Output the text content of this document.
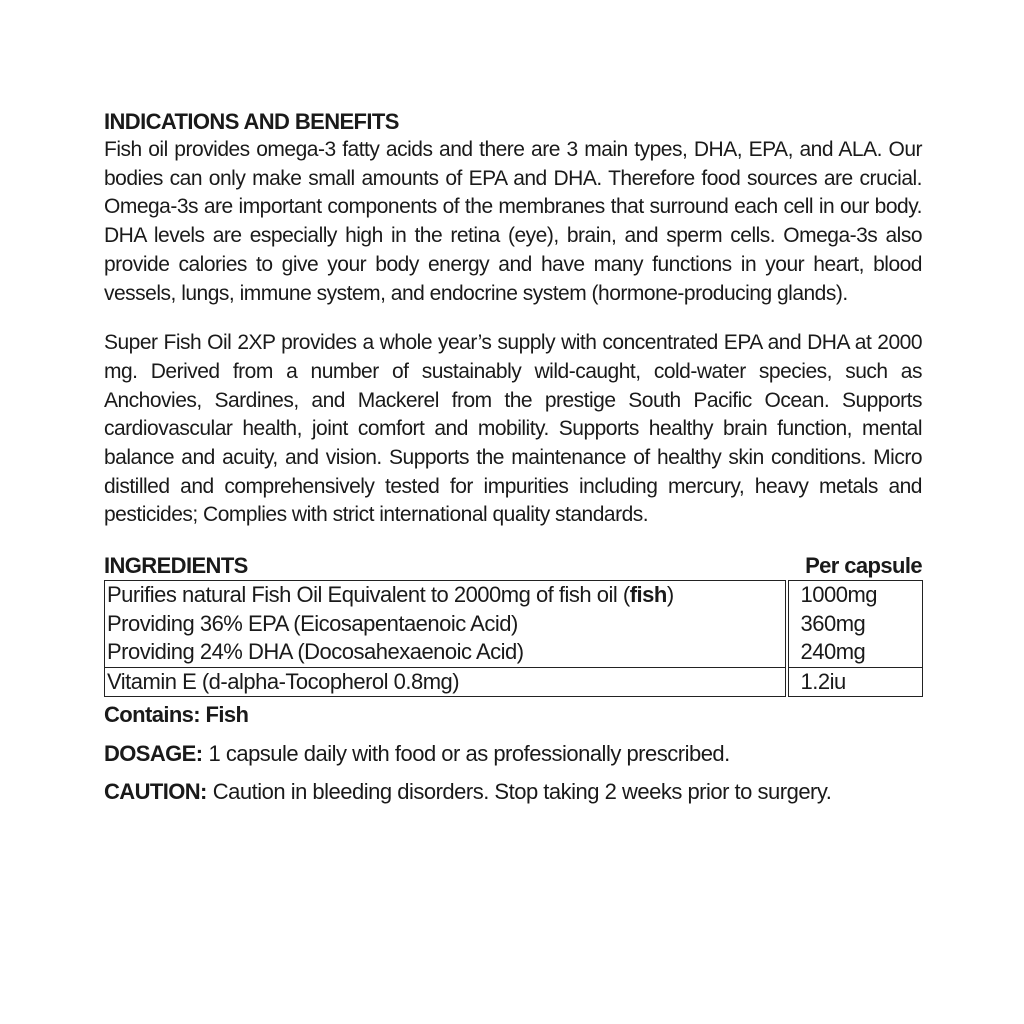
INDICATIONS AND BENEFITS

Fish oil provides omega-3 fatty acids and there are 3 main types, DHA, EPA, and ALA. Our bodies can only make small amounts of EPA and DHA. Therefore food sources are crucial. Omega-3s are important components of the membranes that surround each cell in our body. DHA levels are especially high in the retina (eye), brain, and sperm cells. Omega-3s also provide calories to give your body energy and have many functions in your heart, blood vessels, lungs, immune system, and endocrine system (hormone-producing glands).

Super Fish Oil 2XP provides a whole year’s supply with concentrated EPA and DHA at 2000 mg. Derived from a number of sustainably wild-caught, cold-water species, such as Anchovies, Sardines, and Mackerel from the prestige South Pacific Ocean. Supports cardiovascular health, joint comfort and mobility. Supports healthy brain function, mental balance and acuity, and vision. Supports the maintenance of healthy skin conditions. Micro distilled and comprehensively tested for impurities including mercury, heavy metals and pesticides; Complies with strict international quality standards.

INGREDIENTS	Per capsule
Purifies natural Fish Oil Equivalent to 2000mg of fish oil (fish)	1000mg
Providing 36% EPA (Eicosapentaenoic Acid)	360mg
Providing 24% DHA (Docosahexaenoic Acid)	240mg
Vitamin E (d-alpha-Tocopherol 0.8mg)	1.2iu
Contains: Fish
DOSAGE: 1 capsule daily with food or as professionally prescribed.
CAUTION: Caution in bleeding disorders. Stop taking 2 weeks prior to surgery.
